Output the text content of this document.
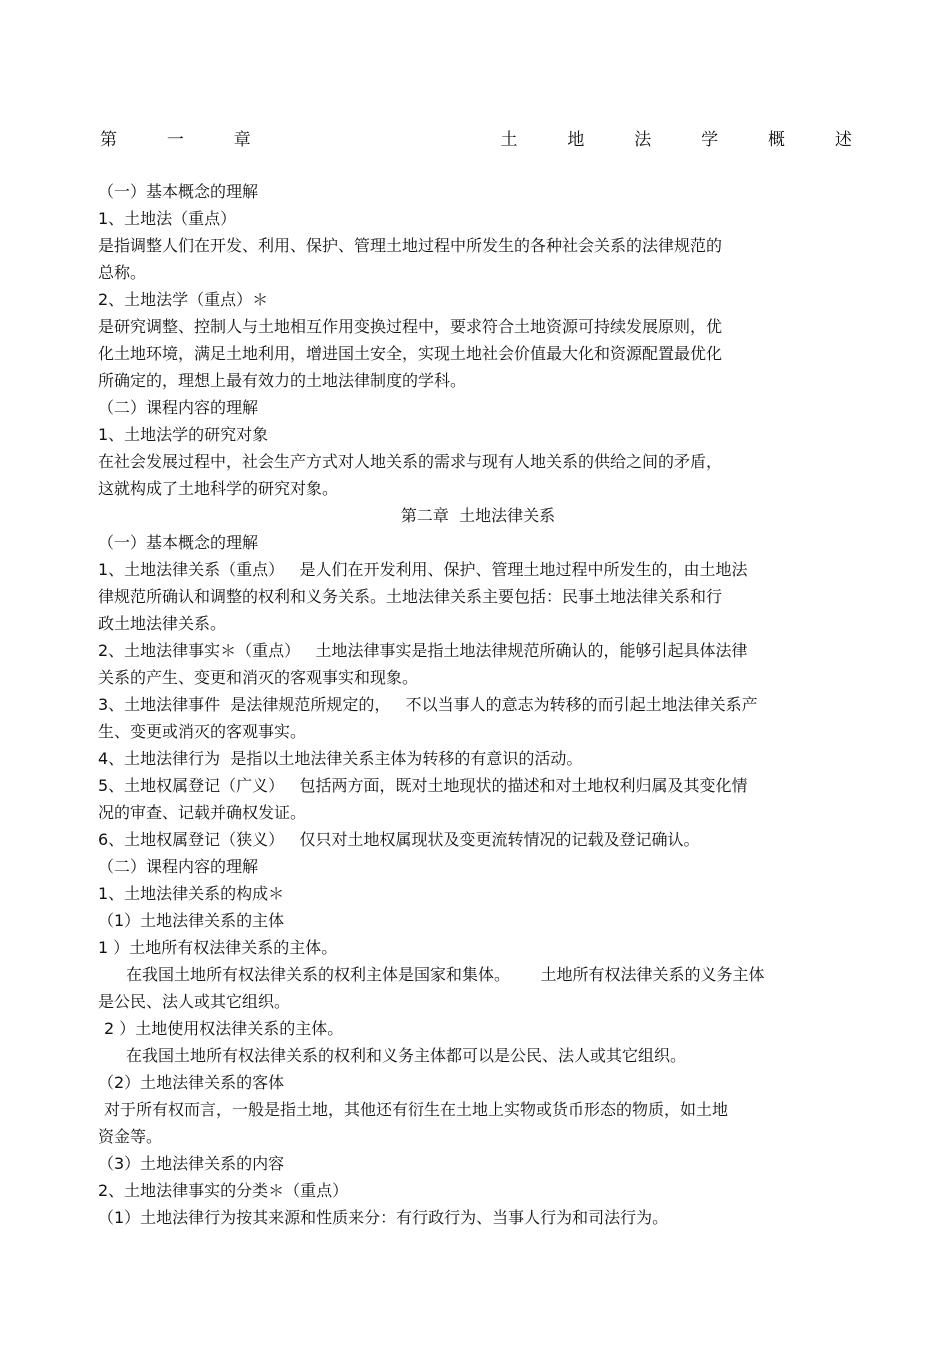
第	一	章	土	地	法	学	概	述
（一）基本概念的理解
1、土地法（重点）
是指调整人们在开发、利用、保护、管理土地过程中所发生的各种社会关系的法律规范的
总称。
2、土地法学（重点）＊
是研究调整、控制人与土地相互作用变换过程中，要求符合土地资源可持续发展原则，优
化土地环境，满足土地利用，增进国土安全，实现土地社会价值最大化和资源配置最优化
所确定的，理想上最有效力的土地法律制度的学科。
（二）课程内容的理解
1、土地法学的研究对象
在社会发展过程中，社会生产方式对人地关系的需求与现有人地关系的供给之间的矛盾，
这就构成了土地科学的研究对象。
第二章  土地法律关系
（一）基本概念的理解
1、土地法律关系（重点）   是人们在开发利用、保护、管理土地过程中所发生的，由土地法
律规范所确认和调整的权利和义务关系。土地法律关系主要包括：民事土地法律关系和行
政土地法律关系。
2、土地法律事实＊（重点）   土地法律事实是指土地法律规范所确认的，能够引起具体法律
关系的产生、变更和消灭的客观事实和现象。
3、土地法律事件  是法律规范所规定的，   不以当事人的意志为转移的而引起土地法律关系产
生、变更或消灭的客观事实。
4、土地法律行为  是指以土地法律关系主体为转移的有意识的活动。
5、土地权属登记（广义）   包括两方面，既对土地现状的描述和对土地权利归属及其变化情
况的审查、记载并确权发证。
6、土地权属登记（狭义）   仅只对土地权属现状及变更流转情况的记载及登记确认。
（二）课程内容的理解
1、土地法律关系的构成＊
（1）土地法律关系的主体
1 ）土地所有权法律关系的主体。
在我国土地所有权法律关系的权利主体是国家和集体。      土地所有权法律关系的义务主体
是公民、法人或其它组织。
2 ）土地使用权法律关系的主体。
在我国土地所有权法律关系的权利和义务主体都可以是公民、法人或其它组织。
（2）土地法律关系的客体
对于所有权而言，一般是指土地，其他还有衍生在土地上实物或货币形态的物质，如土地
资金等。
（3）土地法律关系的内容
2、土地法律事实的分类＊（重点）
（1）土地法律行为按其来源和性质来分：有行政行为、当事人行为和司法行为。
